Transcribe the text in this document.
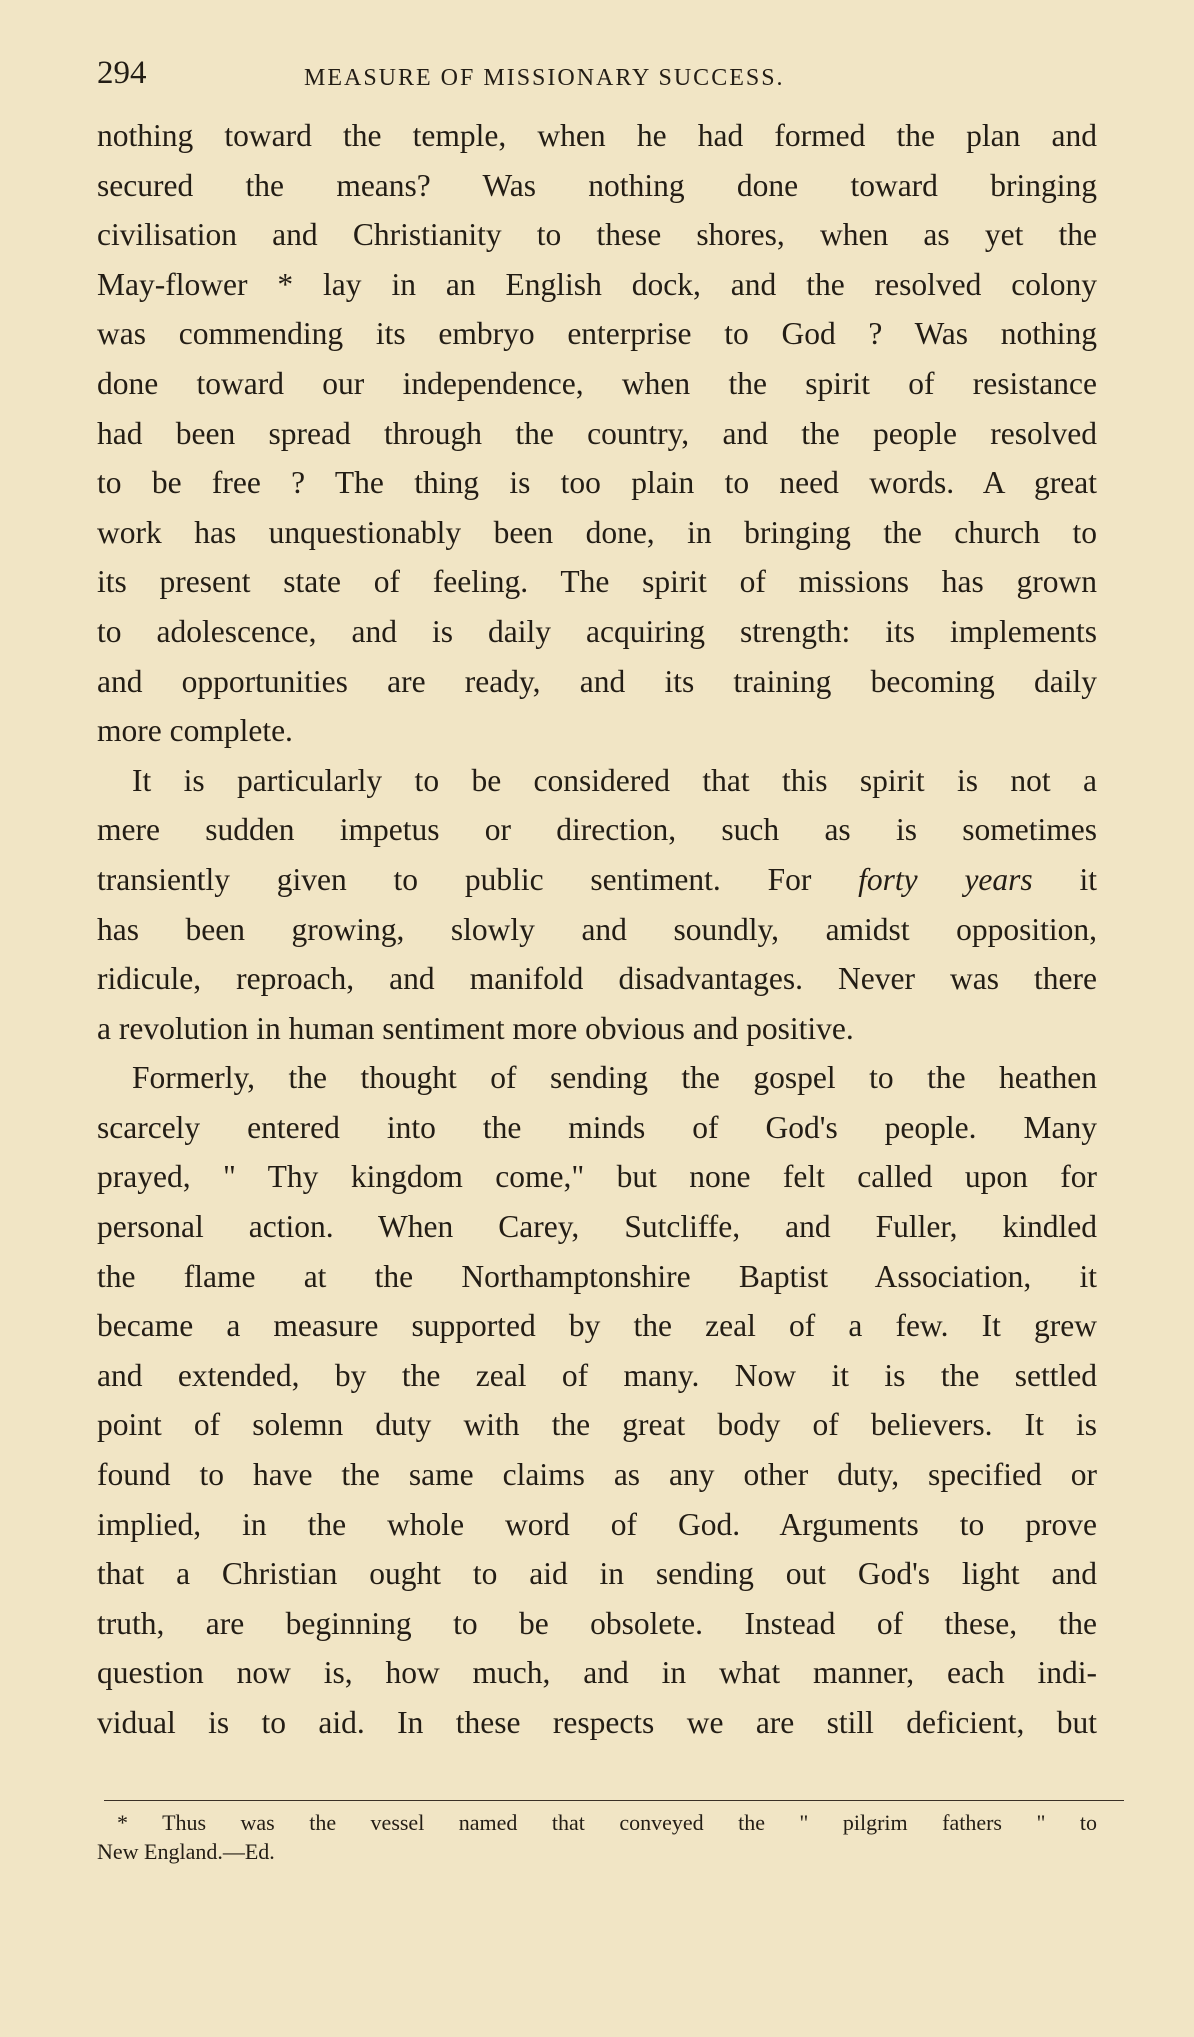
294	MEASURE OF MISSIONARY SUCCESS.
nothing toward the temple, when he had formed the plan and
secured the means? Was nothing done toward bringing
civilisation and Christianity to these shores, when as yet the
May-flower * lay in an English dock, and the resolved colony
was commending its embryo enterprise to God ? Was nothing
done toward our independence, when the spirit of resistance
had been spread through the country, and the people resolved
to be free ? The thing is too plain to need words. A great
work has unquestionably been done, in bringing the church to
its present state of feeling. The spirit of missions has grown
to adolescence, and is daily acquiring strength: its implements
and opportunities are ready, and its training becoming daily
more complete.
It is particularly to be considered that this spirit is not a
mere sudden impetus or direction, such as is sometimes
transiently given to public sentiment. For forty years it
has been growing, slowly and soundly, amidst opposition,
ridicule, reproach, and manifold disadvantages. Never was there
a revolution in human sentiment more obvious and positive.
Formerly, the thought of sending the gospel to the heathen
scarcely entered into the minds of God's people. Many
prayed, " Thy kingdom come," but none felt called upon for
personal action. When Carey, Sutcliffe, and Fuller, kindled
the flame at the Northamptonshire Baptist Association, it
became a measure supported by the zeal of a few. It grew
and extended, by the zeal of many. Now it is the settled
point of solemn duty with the great body of believers. It is
found to have the same claims as any other duty, specified or
implied, in the whole word of God. Arguments to prove
that a Christian ought to aid in sending out God's light and
truth, are beginning to be obsolete. Instead of these, the
question now is, how much, and in what manner, each indi-
vidual is to aid. In these respects we are still deficient, but
* Thus was the vessel named that conveyed the " pilgrim fathers " to
New England.—Ed.
